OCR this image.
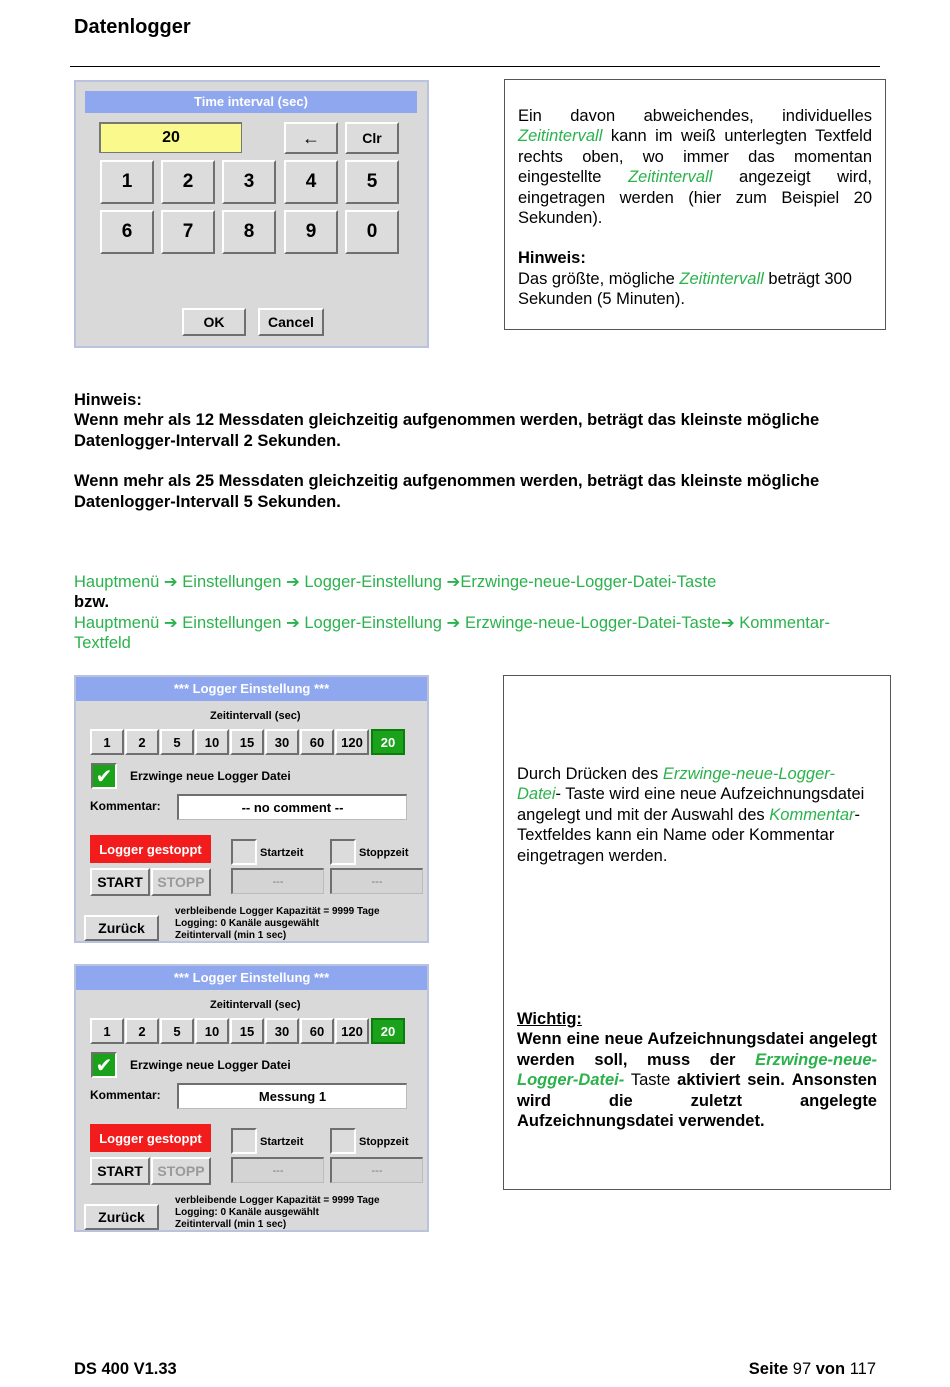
Datenlogger
Time interval (sec)
20	←	Clr
1	2	3	4	5
6	7	8	9	0
OK	Cancel

Ein davon abweichendes, individuelles Zeitintervall kann im weiß unterlegten Textfeld rechts oben, wo immer das momentan eingestellte Zeitintervall angezeigt wird, eingetragen werden (hier zum Beispiel 20 Sekunden).

Hinweis:

Das größte, mögliche Zeitintervall beträgt 300 Sekunden (5 Minuten).

Hinweis:

Wenn mehr als 12 Messdaten gleichzeitig aufgenommen werden, beträgt das kleinste mögliche Datenlogger-Intervall 2 Sekunden.

Wenn mehr als 25 Messdaten gleichzeitig aufgenommen werden, beträgt das kleinste mögliche Datenlogger-Intervall 5 Sekunden.

Hauptmenü ➔ Einstellungen ➔ Logger-Einstellung ➔Erzwinge-neue-Logger-Datei-Taste

bzw.

Hauptmenü ➔ Einstellungen ➔ Logger-Einstellung ➔ Erzwinge-neue-Logger-Datei-Taste➔ Kommentar-Textfeld

*** Logger Einstellung ***
Zeitintervall (sec)
1	2	5	10	15	30	60	120	20
✔	Erzwinge neue Logger Datei
Kommentar:	-- no comment --
Logger gestoppt	Startzeit	Stoppzeit
START	STOPP	---	---
Zurück
verbleibende Logger Kapazität = 9999 Tage
Logging: 0 Kanäle ausgewählt
Zeitintervall (min 1 sec)
*** Logger Einstellung ***
Zeitintervall (sec)
1	2	5	10	15	30	60	120	20
✔	Erzwinge neue Logger Datei
Kommentar:	Messung 1
Logger gestoppt	Startzeit	Stoppzeit
START	STOPP	---	---
Zurück
verbleibende Logger Kapazität = 9999 Tage
Logging: 0 Kanäle ausgewählt
Zeitintervall (min 1 sec)

Durch Drücken des Erzwinge-neue-Logger-Datei- Taste wird eine neue Aufzeichnungsdatei angelegt und mit der Auswahl des Kommentar-Textfeldes kann ein Name oder Kommentar eingetragen werden.

Wichtig:

Wenn eine neue Aufzeichnungsdatei angelegt werden soll, muss der Erzwinge-neue-Logger-Datei- Taste aktiviert sein. Ansonsten wird die zuletzt angelegte Aufzeichnungsdatei verwendet.

DS 400 V1.33	Seite 97 von 117
